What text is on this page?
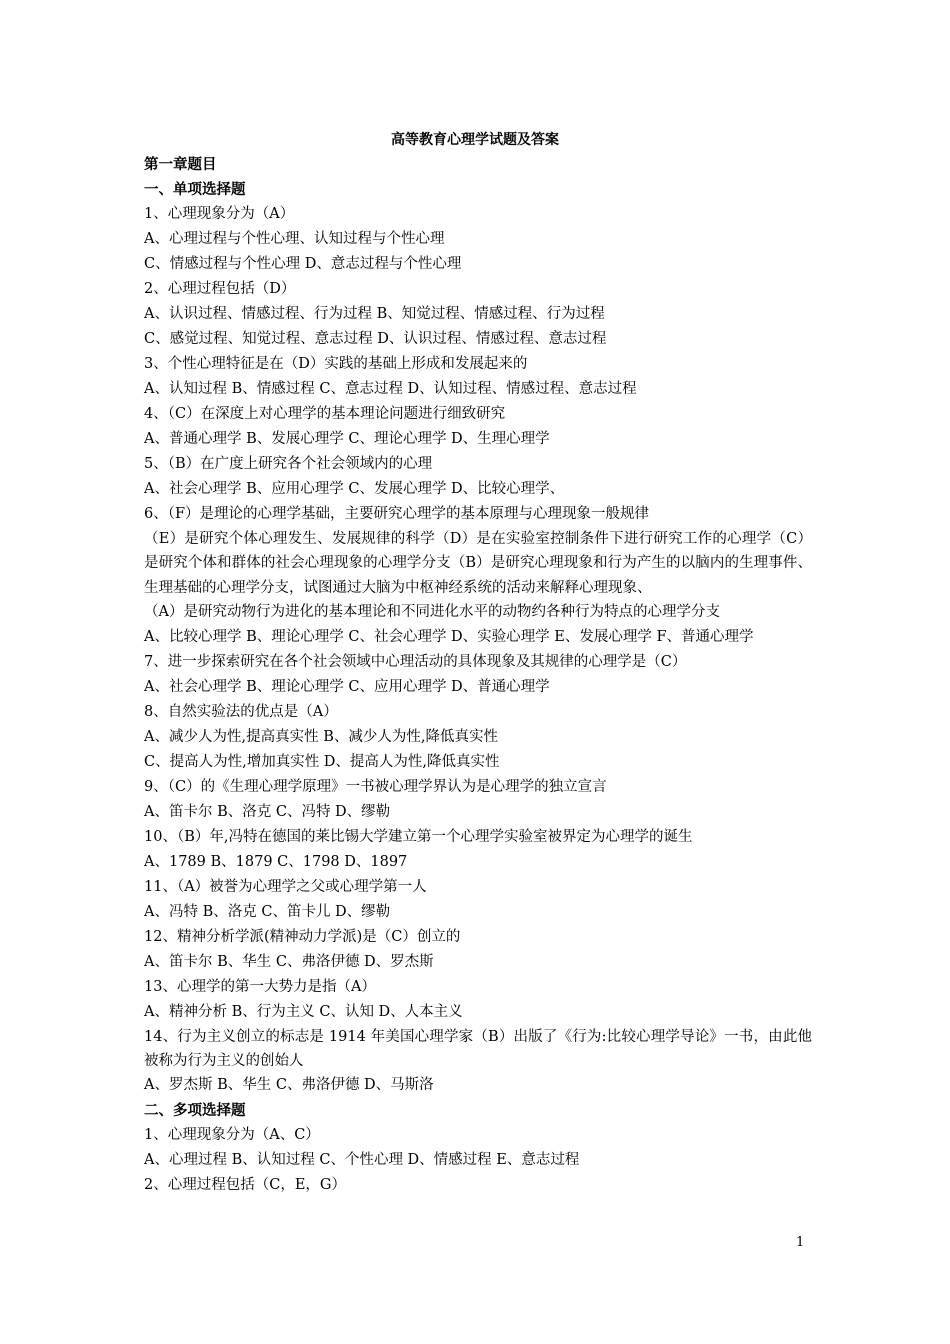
高等教育心理学试题及答案
第一章题目
一、单项选择题
1、心理现象分为（A）
A、心理过程与个性心理、认知过程与个性心理
C、情感过程与个性心理 D、意志过程与个性心理
2、心理过程包括（D）
A、认识过程、情感过程、行为过程 B、知觉过程、情感过程、行为过程
C、感觉过程、知觉过程、意志过程 D、认识过程、情感过程、意志过程
3、个性心理特征是在（D）实践的基础上形成和发展起来的
A、认知过程 B、情感过程 C、意志过程 D、认知过程、情感过程、意志过程
4、（C）在深度上对心理学的基本理论问题进行细致研究
A、普通心理学 B、发展心理学 C、理论心理学 D、生理心理学
5、（B）在广度上研究各个社会领域内的心理
A、社会心理学 B、应用心理学 C、发展心理学 D、比较心理学、
6、（F）是理论的心理学基础，主要研究心理学的基本原理与心理现象一般规律
（E）是研究个体心理发生、发展规律的科学（D）是在实验室控制条件下进行研究工作的心理学（C）是研究个体和群体的社会心理现象的心理学分支（B）是研究心理现象和行为产生的以脑内的生理事件、生理基础的心理学分支，试图通过大脑为中枢神经系统的活动来解释心理现象、
（A）是研究动物行为进化的基本理论和不同进化水平的动物约各种行为特点的心理学分支
A、比较心理学 B、理论心理学 C、社会心理学 D、实验心理学 E、发展心理学 F、普通心理学
7、进一步探索研究在各个社会领域中心理活动的具体现象及其规律的心理学是（C）
A、社会心理学 B、理论心理学 C、应用心理学 D、普通心理学
8、自然实验法的优点是（A）
A、减少人为性,提高真实性 B、减少人为性,降低真实性
C、提高人为性,增加真实性 D、提高人为性,降低真实性
9、（C）的《生理心理学原理》一书被心理学界认为是心理学的独立宣言
A、笛卡尔 B、洛克 C、冯特 D、缪勒
10、（B）年,冯特在德国的莱比锡大学建立第一个心理学实验室被界定为心理学的诞生
A、1789 B、1879 C、1798 D、1897
11、（A）被誉为心理学之父或心理学第一人
A、冯特 B、洛克 C、笛卡儿 D、缪勒
12、精神分析学派(精神动力学派)是（C）创立的
A、笛卡尔 B、华生 C、弗洛伊德 D、罗杰斯
13、心理学的第一大势力是指（A）
A、精神分析 B、行为主义 C、认知 D、人本主义
14、行为主义创立的标志是 1914 年美国心理学家（B）出版了《行为:比较心理学导论》一书，由此他被称为行为主义的创始人
A、罗杰斯 B、华生 C、弗洛伊德 D、马斯洛
二、多项选择题
1、心理现象分为（A、C）
A、心理过程 B、认知过程 C、个性心理 D、情感过程 E、意志过程
2、心理过程包括（C，E，G）
1
